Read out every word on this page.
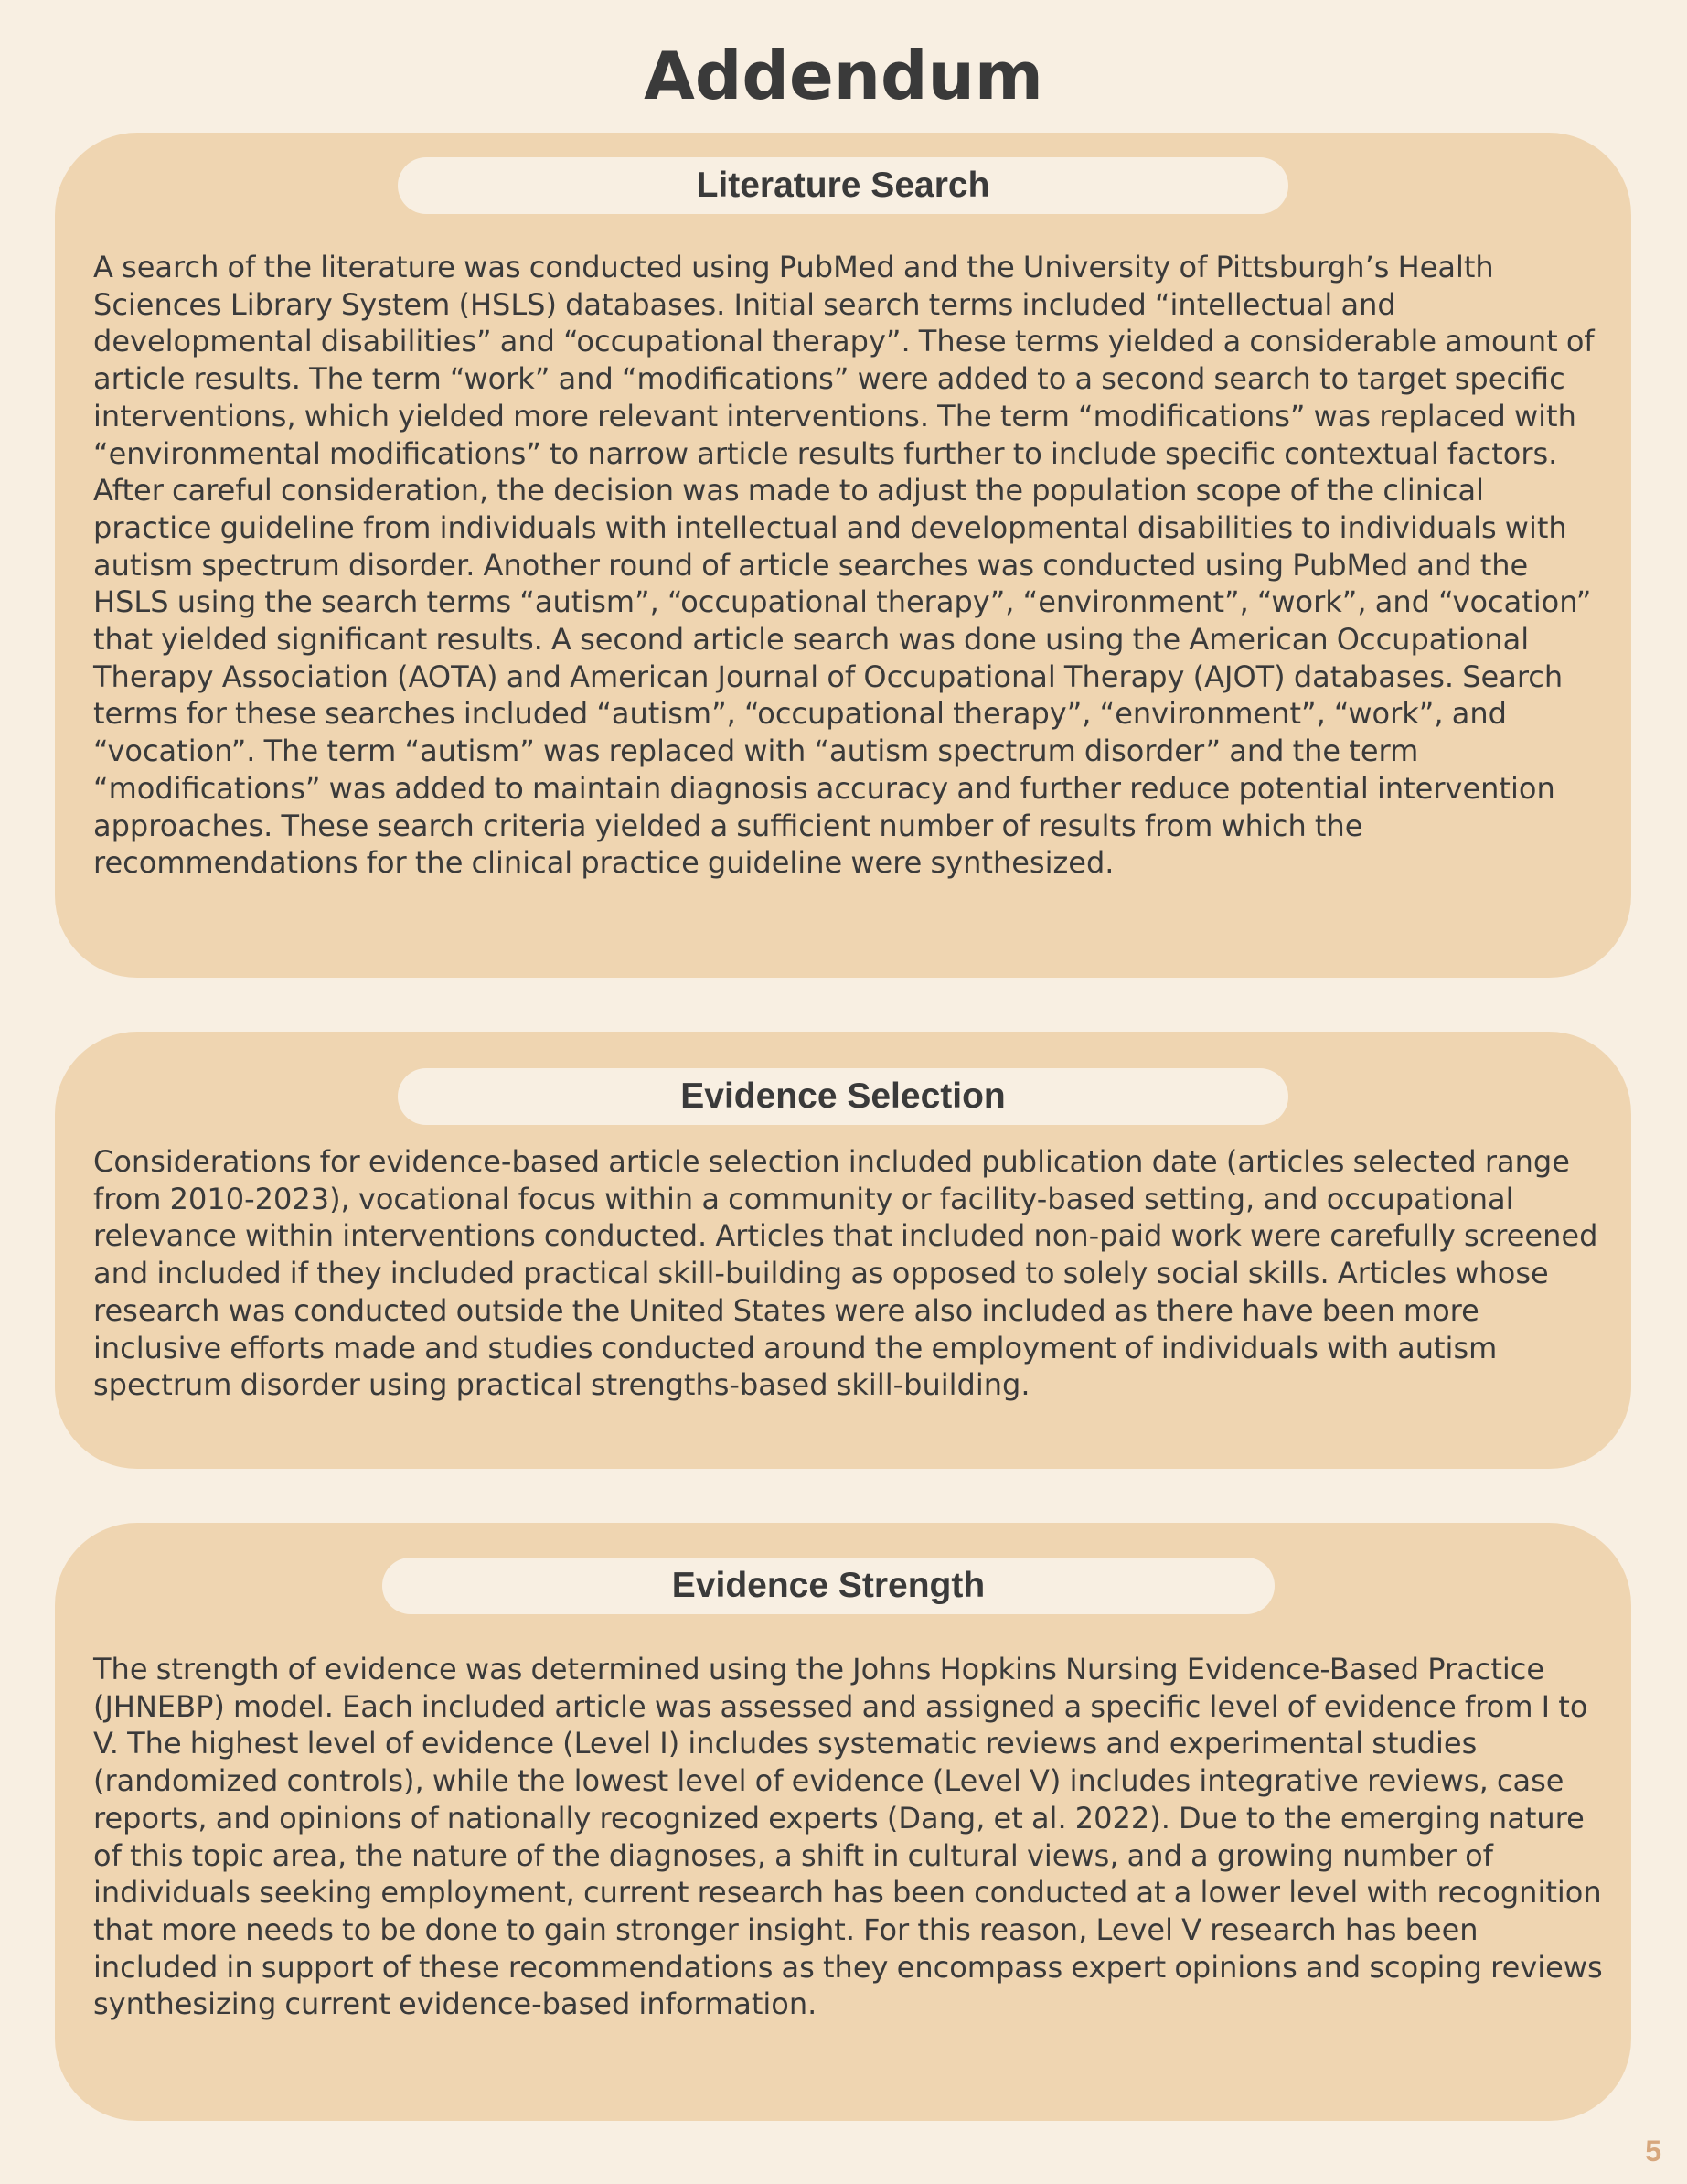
Addendum
Literature Search

A search of the literature was conducted using PubMed and the University of Pittsburgh’s Health Sciences Library System (HSLS) databases. Initial search terms included “intellectual and developmental disabilities” and “occupational therapy”. These terms yielded a considerable amount of article results. The term “work” and “modifications” were added to a second search to target specific interventions, which yielded more relevant interventions. The term “modifications” was replaced with “environmental modifications” to narrow article results further to include specific contextual factors. After careful consideration, the decision was made to adjust the population scope of the clinical practice guideline from individuals with intellectual and developmental disabilities to individuals with autism spectrum disorder. Another round of article searches was conducted using PubMed and the HSLS using the search terms “autism”, “occupational therapy”, “environment”, “work”, and “vocation” that yielded significant results. A second article search was done using the American Occupational Therapy Association (AOTA) and American Journal of Occupational Therapy (AJOT) databases. Search terms for these searches included “autism”, “occupational therapy”, “environment”, “work”, and “vocation”. The term “autism” was replaced with “autism spectrum disorder” and the term “modifications” was added to maintain diagnosis accuracy and further reduce potential intervention approaches. These search criteria yielded a sufficient number of results from which the recommendations for the clinical practice guideline were synthesized.

Evidence Selection

Considerations for evidence-based article selection included publication date (articles selected range from 2010-2023), vocational focus within a community or facility-based setting, and occupational relevance within interventions conducted. Articles that included non-paid work were carefully screened and included if they included practical skill-building as opposed to solely social skills. Articles whose research was conducted outside the United States were also included as there have been more inclusive efforts made and studies conducted around the employment of individuals with autism spectrum disorder using practical strengths-based skill-building.

Evidence Strength

The strength of evidence was determined using the Johns Hopkins Nursing Evidence-Based Practice (JHNEBP) model. Each included article was assessed and assigned a specific level of evidence from I to V. The highest level of evidence (Level I) includes systematic reviews and experimental studies (randomized controls), while the lowest level of evidence (Level V) includes integrative reviews, case reports, and opinions of nationally recognized experts (Dang, et al. 2022). Due to the emerging nature of this topic area, the nature of the diagnoses, a shift in cultural views, and a growing number of individuals seeking employment, current research has been conducted at a lower level with recognition that more needs to be done to gain stronger insight. For this reason, Level V research has been included in support of these recommendations as they encompass expert opinions and scoping reviews synthesizing current evidence-based information.

5
